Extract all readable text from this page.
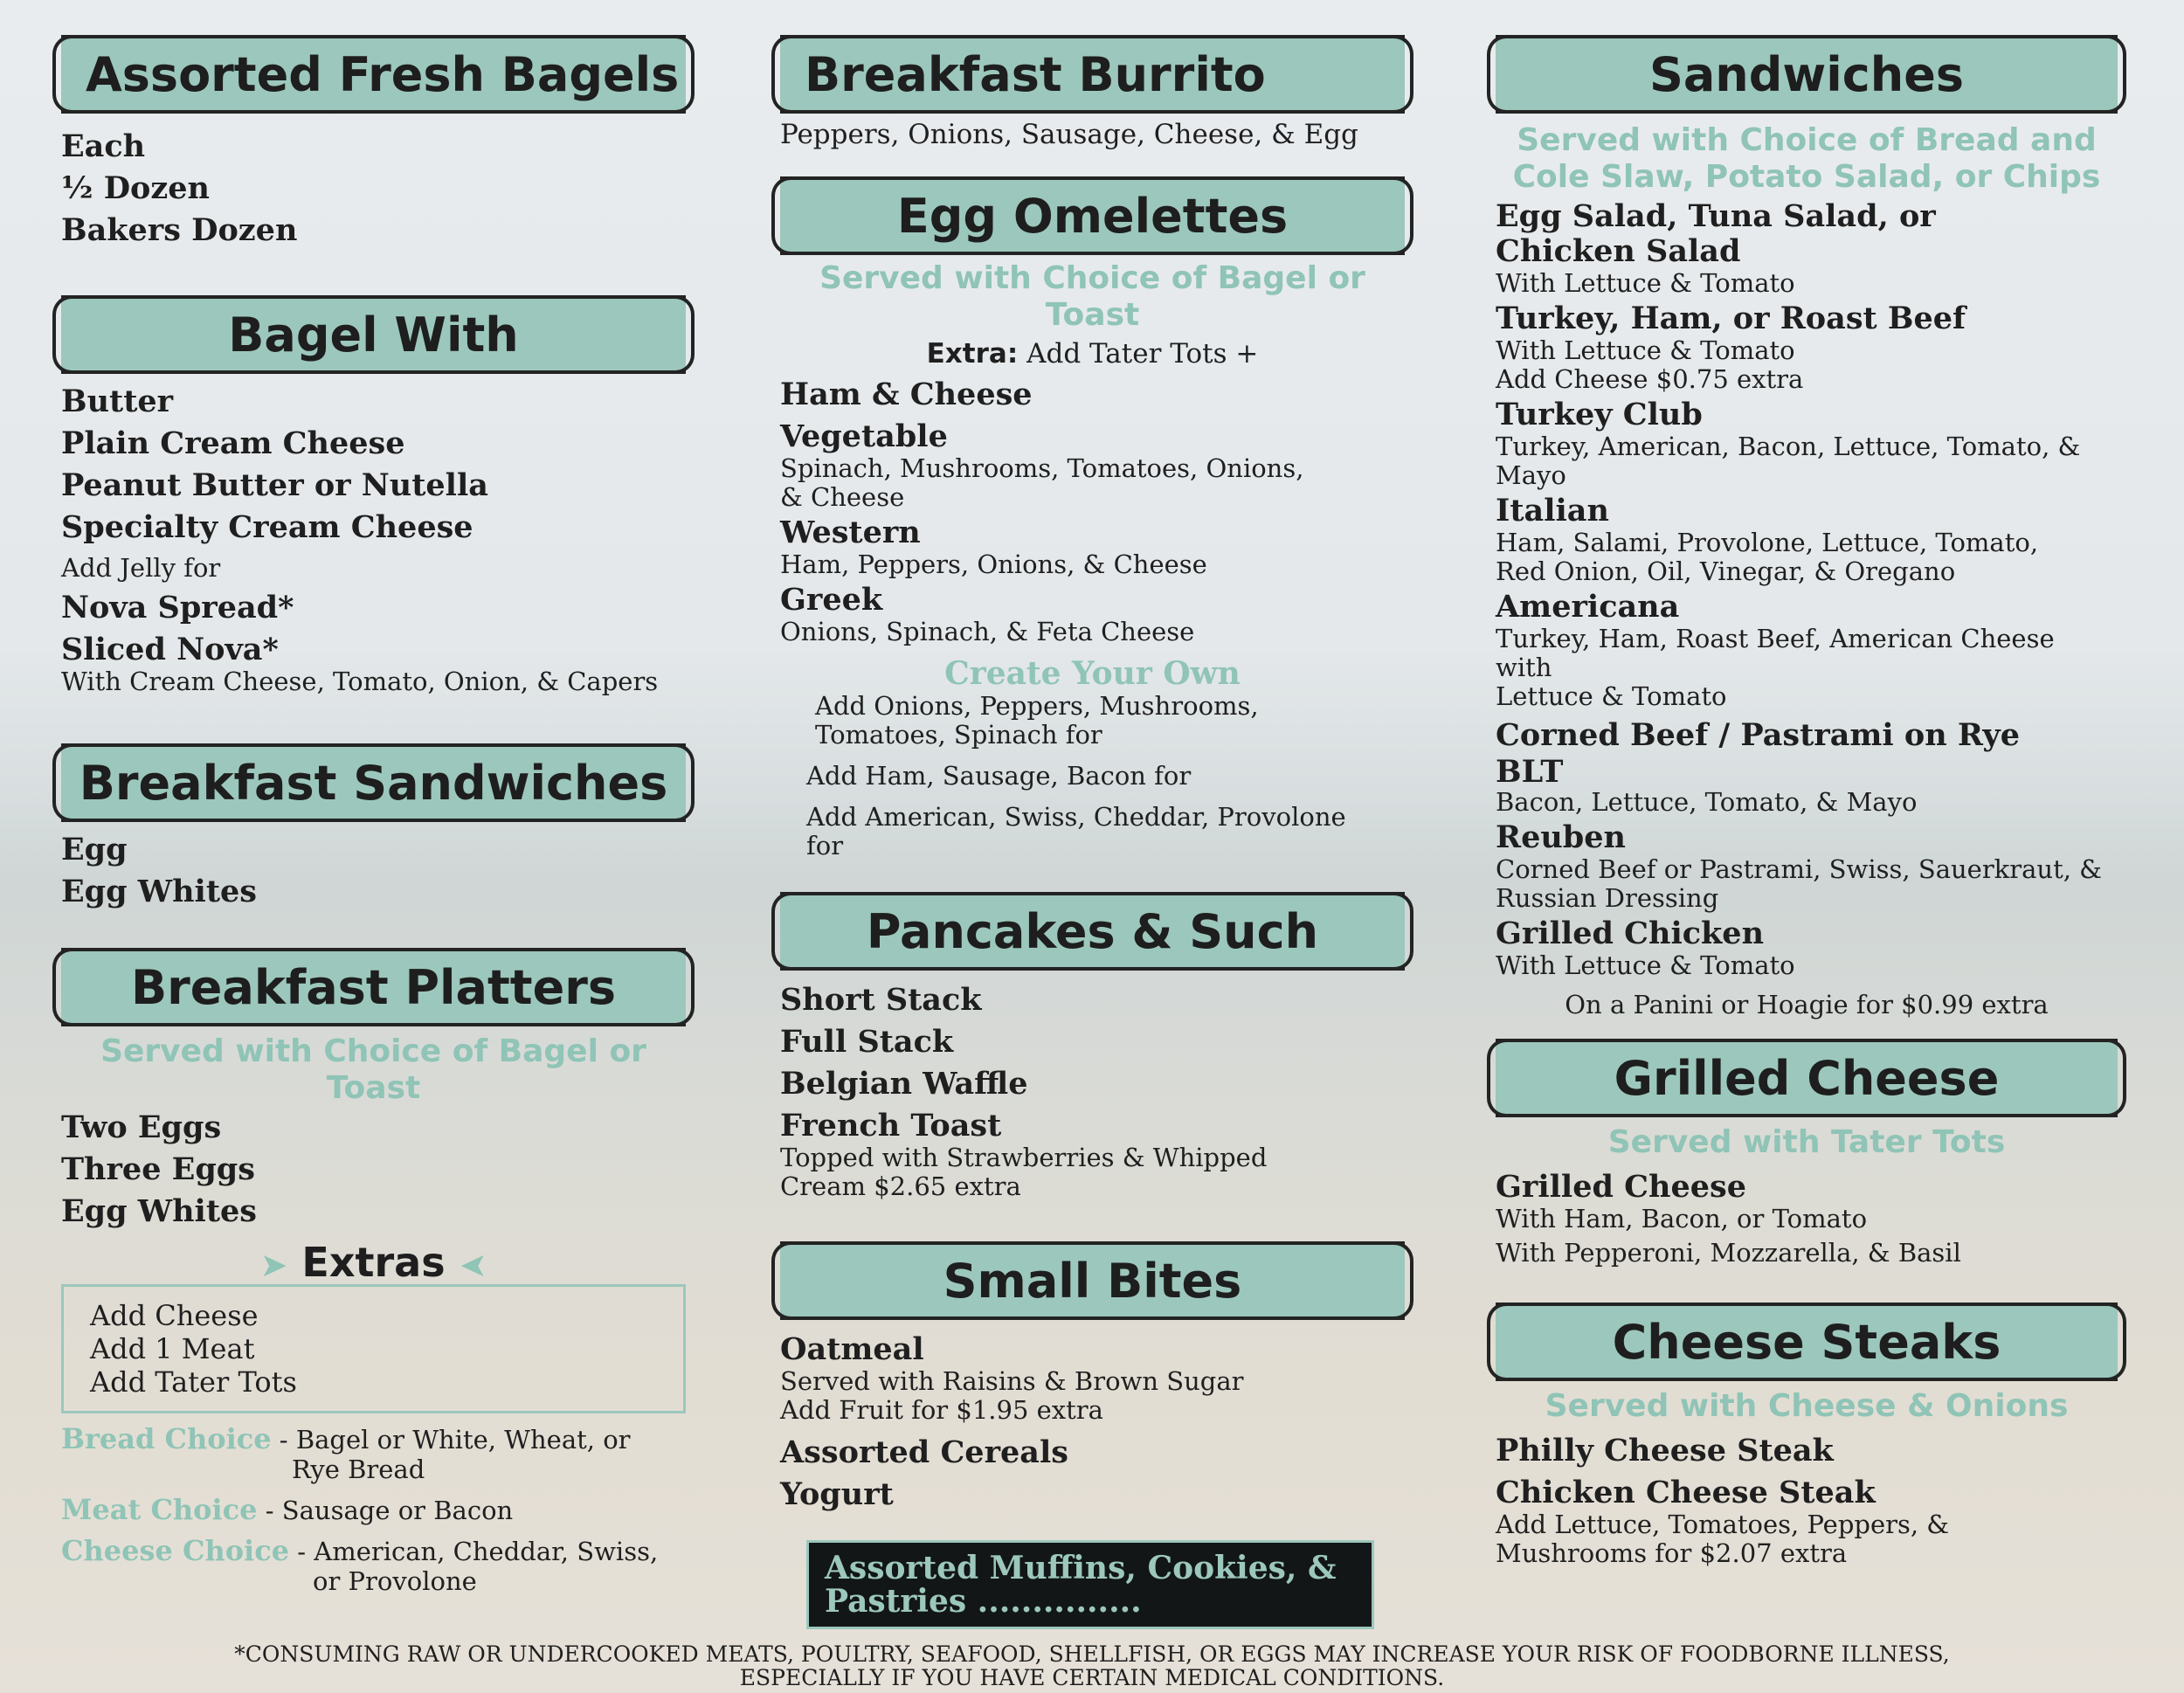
Assorted Fresh Bagels
Each
½ Dozen
Bakers Dozen
Bagel With
Butter
Plain Cream Cheese
Peanut Butter or Nutella
Specialty Cream Cheese
Add Jelly for
Nova Spread*
Sliced Nova*
With Cream Cheese, Tomato, Onion, & Capers
Breakfast Sandwiches
Egg
Egg Whites
Breakfast Platters
Served with Choice of Bagel or Toast
Two Eggs
Three Eggs
Egg Whites
➤ Extras ➤
Add Cheese
Add 1 Meat
Add Tater Tots
Bread Choice - Bagel or White, Wheat, or
Rye Bread
Meat Choice - Sausage or Bacon
Cheese Choice - American, Cheddar, Swiss,
or Provolone
Breakfast Burrito
Peppers, Onions, Sausage, Cheese, & Egg
Egg Omelettes
Served with Choice of Bagel or Toast
Extra: Add Tater Tots +
Ham & Cheese
Vegetable
Spinach, Mushrooms, Tomatoes, Onions,
& Cheese
Western
Ham, Peppers, Onions, & Cheese
Greek
Onions, Spinach, & Feta Cheese
Create Your Own
Add Onions, Peppers, Mushrooms,
Tomatoes, Spinach for
Add Ham, Sausage, Bacon for
Add American, Swiss, Cheddar, Provolone
for
Pancakes & Such
Short Stack
Full Stack
Belgian Waffle
French Toast
Topped with Strawberries & Whipped
Cream $2.65 extra
Small Bites
Oatmeal
Served with Raisins & Brown Sugar
Add Fruit for $1.95 extra
Assorted Cereals
Yogurt
Assorted Muffins, Cookies, &
Pastries ...............
Sandwiches
Served with Choice of Bread and
Cole Slaw, Potato Salad, or Chips
Egg Salad, Tuna Salad, or
Chicken Salad
With Lettuce & Tomato
Turkey, Ham, or Roast Beef
With Lettuce & Tomato
Add Cheese $0.75 extra
Turkey Club
Turkey, American, Bacon, Lettuce, Tomato, &
Mayo
Italian
Ham, Salami, Provolone, Lettuce, Tomato,
Red Onion, Oil, Vinegar, & Oregano
Americana
Turkey, Ham, Roast Beef, American Cheese with
Lettuce & Tomato
Corned Beef / Pastrami on Rye
BLT
Bacon, Lettuce, Tomato, & Mayo
Reuben
Corned Beef or Pastrami, Swiss, Sauerkraut, &
Russian Dressing
Grilled Chicken
With Lettuce & Tomato
On a Panini or Hoagie for $0.99 extra
Grilled Cheese
Served with Tater Tots
Grilled Cheese
With Ham, Bacon, or Tomato
With Pepperoni, Mozzarella, & Basil
Cheese Steaks
Served with Cheese & Onions
Philly Cheese Steak
Chicken Cheese Steak
Add Lettuce, Tomatoes, Peppers, &
Mushrooms for $2.07 extra
*CONSUMING RAW OR UNDERCOOKED MEATS, POULTRY, SEAFOOD, SHELLFISH, OR EGGS MAY INCREASE YOUR RISK OF FOODBORNE ILLNESS,
ESPECIALLY IF YOU HAVE CERTAIN MEDICAL CONDITIONS.
